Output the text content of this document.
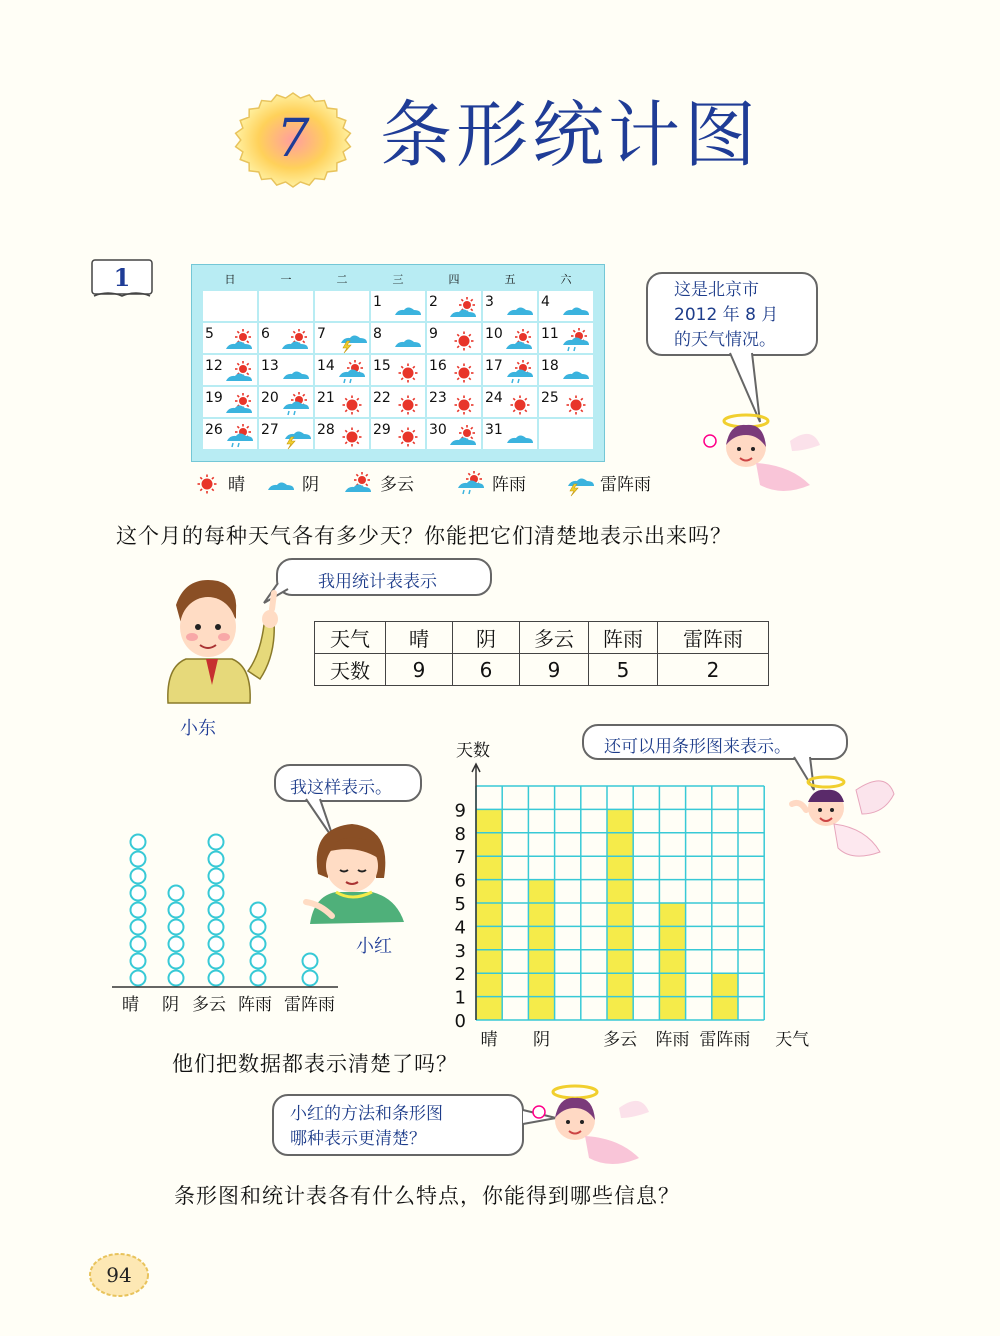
7 条形统计图
1	日	一	二	三	四	五	六

			1	2	3	4

5	6	7	8	9	10	11

12	13	14	15	16	17	18

19	20	21	22	23	24	25

26	27	28	29	30	31	

晴	阴	多云	阵雨	雷阵雨
这是北京市
2012 年 8 月
的天气情况。
这个月的每种天气各有多少天？你能把它们清楚地表示出来吗？
我用统计表表示
小东
天气	晴	阴	多云	阵雨	雷阵雨
天数	9	6	9	5	2
还可以用条形图来表示。
我这样表示。
小红
晴 阴 多云 阵雨 雷阵雨
0
1
2
3
4
5
6
7
8
9
天数
晴 阴	多云 阵雨 雷阵雨 天气
他们把数据都表示清楚了吗？
小红的方法和条形图
哪种表示更清楚？
条形图和统计表各有什么特点，你能得到哪些信息？
94
